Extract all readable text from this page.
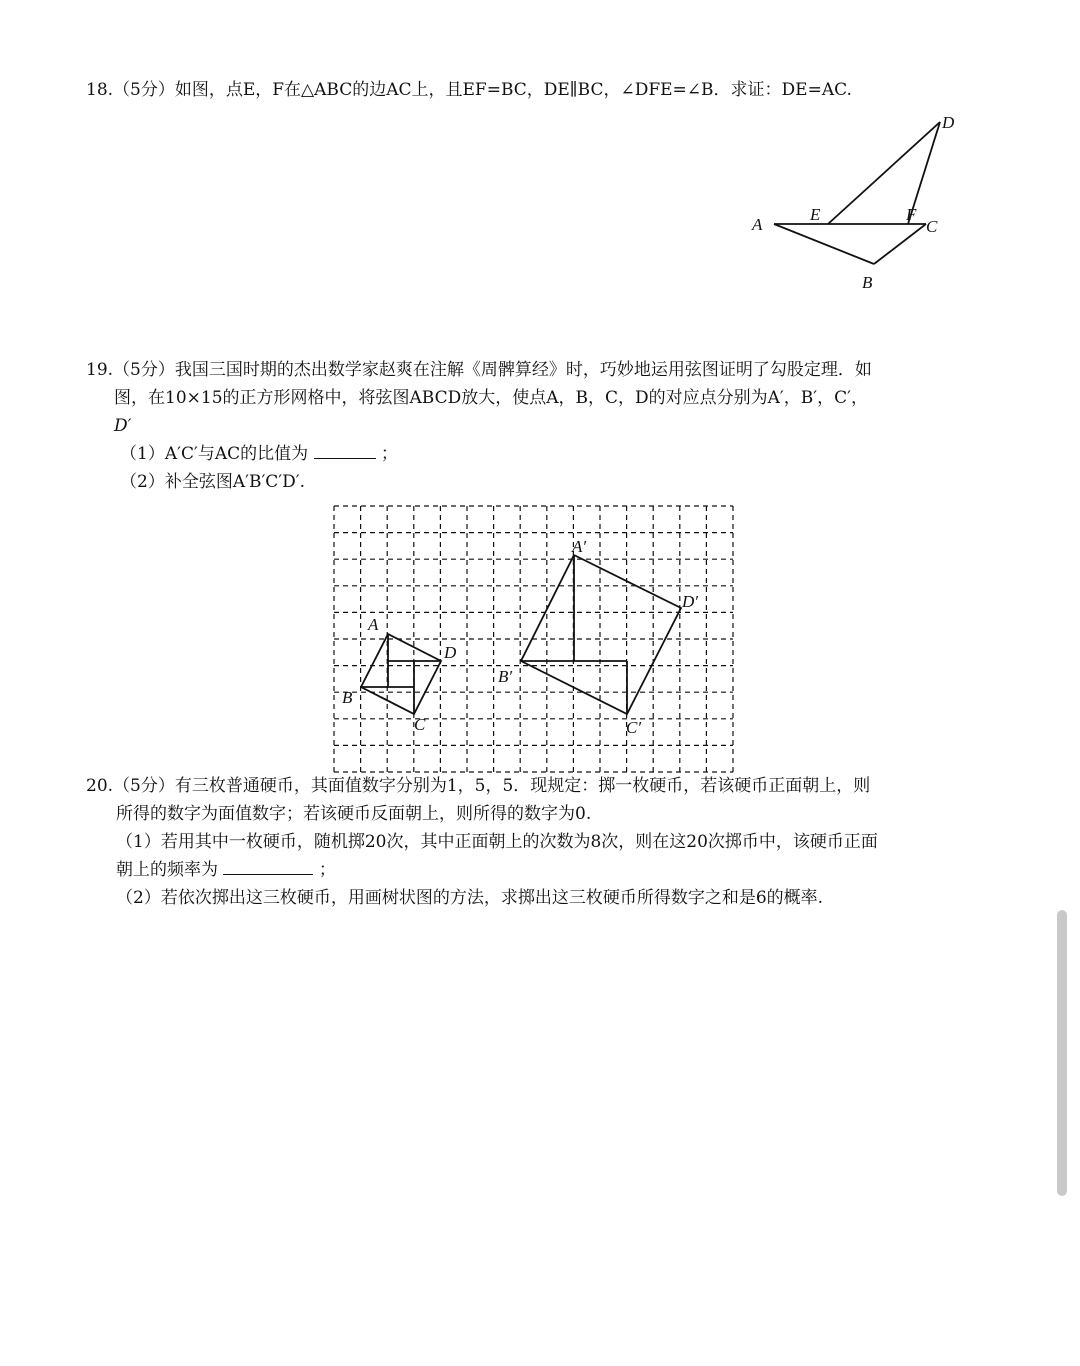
18.（5分）如图，点E，F在△ABC的边AC上，且EF=BC，DE∥BC，∠DFE=∠B．求证：DE=AC.
D
A
E	F
C
B
19.（5分）我国三国时期的杰出数学家赵爽在注解《周髀算经》时，巧妙地运用弦图证明了勾股定理．如
图，在10×15的正方形网格中，将弦图ABCD放大，使点A，B，C，D的对应点分别为A′，B′，C′，
D′
（1）A′C′与AC的比值为	；
（2）补全弦图A′B′C′D′.
A
D
B
C
A′
D′
B′
C′
20.（5分）有三枚普通硬币，其面值数字分别为1，5，5．现规定：掷一枚硬币，若该硬币正面朝上，则
所得的数字为面值数字；若该硬币反面朝上，则所得的数字为0.
（1）若用其中一枚硬币，随机掷20次，其中正面朝上的次数为8次，则在这20次掷币中，该硬币正面
朝上的频率为	；
（2）若依次掷出这三枚硬币，用画树状图的方法，求掷出这三枚硬币所得数字之和是6的概率.
